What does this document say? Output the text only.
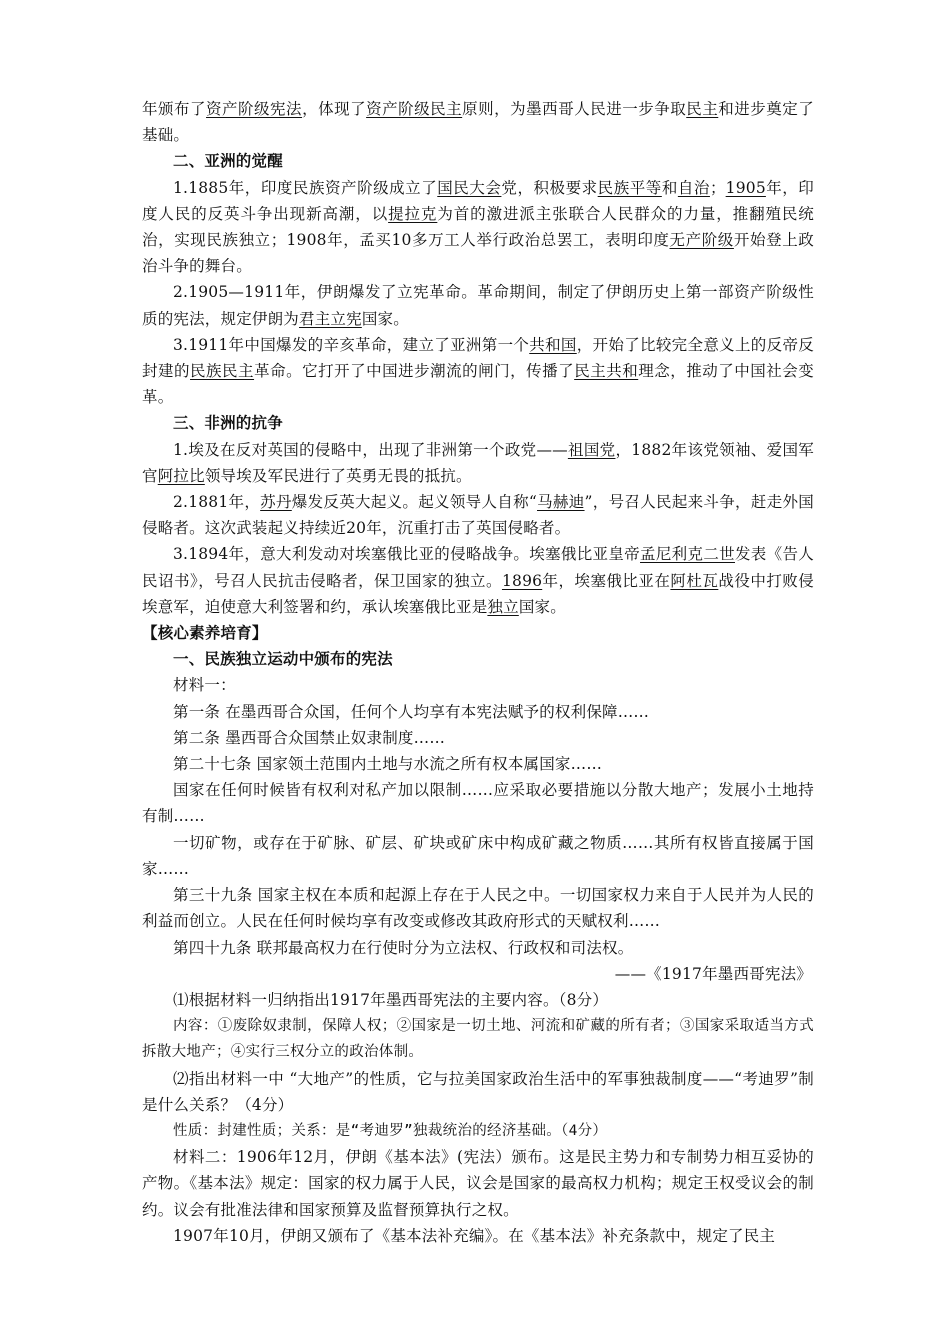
年颁布了资产阶级宪法，体现了资产阶级民主原则，为墨西哥人民进一步争取民主和进步奠定了基础。

二、亚洲的觉醒

1.1885年，印度民族资产阶级成立了国民大会党，积极要求民族平等和自治；1905年，印度人民的反英斗争出现新高潮，以提拉克为首的激进派主张联合人民群众的力量，推翻殖民统治，实现民族独立；1908年，孟买10多万工人举行政治总罢工，表明印度无产阶级开始登上政治斗争的舞台。

2.1905—1911年，伊朗爆发了立宪革命。革命期间，制定了伊朗历史上第一部资产阶级性质的宪法，规定伊朗为君主立宪国家。

3.1911年中国爆发的辛亥革命，建立了亚洲第一个共和国，开始了比较完全意义上的反帝反封建的民族民主革命。它打开了中国进步潮流的闸门，传播了民主共和理念，推动了中国社会变革。

三、非洲的抗争

1.埃及在反对英国的侵略中，出现了非洲第一个政党——祖国党，1882年该党领袖、爱国军官阿拉比领导埃及军民进行了英勇无畏的抵抗。

2.1881年，苏丹爆发反英大起义。起义领导人自称“马赫迪”，号召人民起来斗争，赶走外国侵略者。这次武装起义持续近20年，沉重打击了英国侵略者。

3.1894年，意大利发动对埃塞俄比亚的侵略战争。埃塞俄比亚皇帝孟尼利克二世发表《告人民诏书》，号召人民抗击侵略者，保卫国家的独立。1896年，埃塞俄比亚在阿杜瓦战役中打败侵埃意军，迫使意大利签署和约，承认埃塞俄比亚是独立国家。

【核心素养培育】

一、民族独立运动中颁布的宪法

材料一：

第一条 在墨西哥合众国，任何个人均享有本宪法赋予的权利保障……

第二条 墨西哥合众国禁止奴隶制度……

第二十七条 国家领土范围内土地与水流之所有权本属国家……

国家在任何时候皆有权利对私产加以限制……应采取必要措施以分散大地产；发展小土地持有制……

一切矿物，或存在于矿脉、矿层、矿块或矿床中构成矿藏之物质……其所有权皆直接属于国家……

第三十九条 国家主权在本质和起源上存在于人民之中。一切国家权力来自于人民并为人民的利益而创立。人民在任何时候均享有改变或修改其政府形式的天赋权利……

第四十九条 联邦最高权力在行使时分为立法权、行政权和司法权。

——《1917年墨西哥宪法》

⑴根据材料一归纳指出1917年墨西哥宪法的主要内容。（8分）

内容：①废除奴隶制，保障人权；②国家是一切土地、河流和矿藏的所有者；③国家采取适当方式拆散大地产；④实行三权分立的政治体制。

⑵指出材料一中 “大地产”的性质，它与拉美国家政治生活中的军事独裁制度——“考迪罗”制是什么关系？（4分）

性质：封建性质；关系：是“考迪罗”独裁统治的经济基础。（4分）

材料二：1906年12月，伊朗《基本法》(宪法）颁布。这是民主势力和专制势力相互妥协的产物。《基本法》规定：国家的权力属于人民，议会是国家的最高权力机构；规定王权受议会的制约。议会有批准法律和国家预算及监督预算执行之权。

1907年10月，伊朗又颁布了《基本法补充编》。在《基本法》补充条款中，规定了民主
